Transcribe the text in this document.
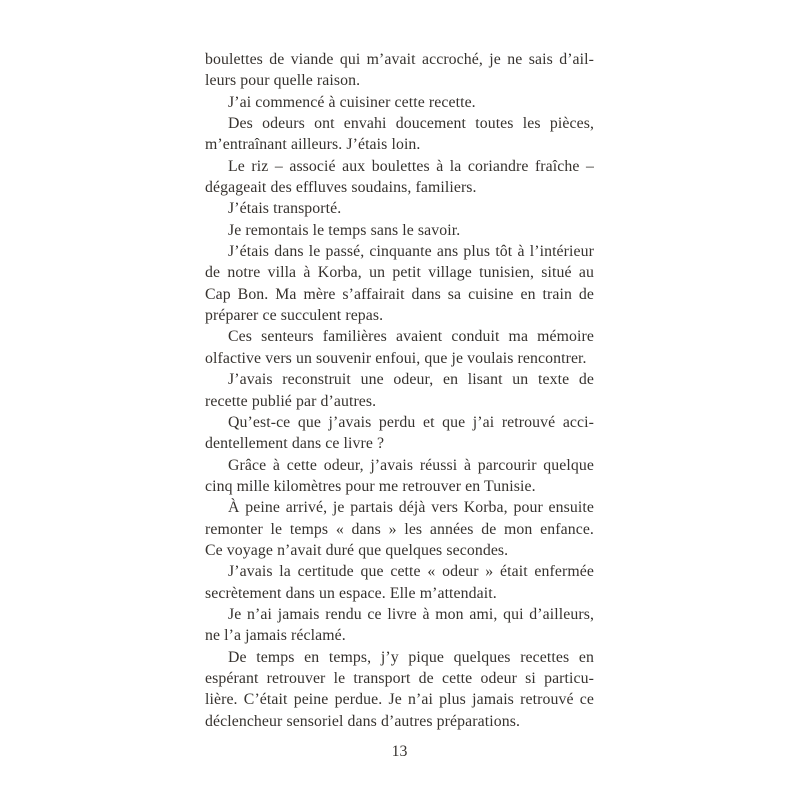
boulettes de viande qui m’avait accroché, je ne sais d’ail-
leurs pour quelle raison.
J’ai commencé à cuisiner cette recette.
Des odeurs ont envahi doucement toutes les pièces,
m’entraînant ailleurs. J’étais loin.
Le riz – associé aux boulettes à la coriandre fraîche –
dégageait des effluves soudains, familiers.
J’étais transporté.
Je remontais le temps sans le savoir.
J’étais dans le passé, cinquante ans plus tôt à l’intérieur
de notre villa à Korba, un petit village tunisien, situé au
Cap Bon. Ma mère s’affairait dans sa cuisine en train de
préparer ce succulent repas.
Ces senteurs familières avaient conduit ma mémoire
olfactive vers un souvenir enfoui, que je voulais rencontrer.
J’avais reconstruit une odeur, en lisant un texte de
recette publié par d’autres.
Qu’est-ce que j’avais perdu et que j’ai retrouvé acci-
dentellement dans ce livre ?
Grâce à cette odeur, j’avais réussi à parcourir quelque
cinq mille kilomètres pour me retrouver en Tunisie.
À peine arrivé, je partais déjà vers Korba, pour ensuite
remonter le temps « dans » les années de mon enfance.
Ce voyage n’avait duré que quelques secondes.
J’avais la certitude que cette « odeur » était enfermée
secrètement dans un espace. Elle m’attendait.
Je n’ai jamais rendu ce livre à mon ami, qui d’ailleurs,
ne l’a jamais réclamé.
De temps en temps, j’y pique quelques recettes en
espérant retrouver le transport de cette odeur si particu-
lière. C’était peine perdue. Je n’ai plus jamais retrouvé ce
déclencheur sensoriel dans d’autres préparations.
13
